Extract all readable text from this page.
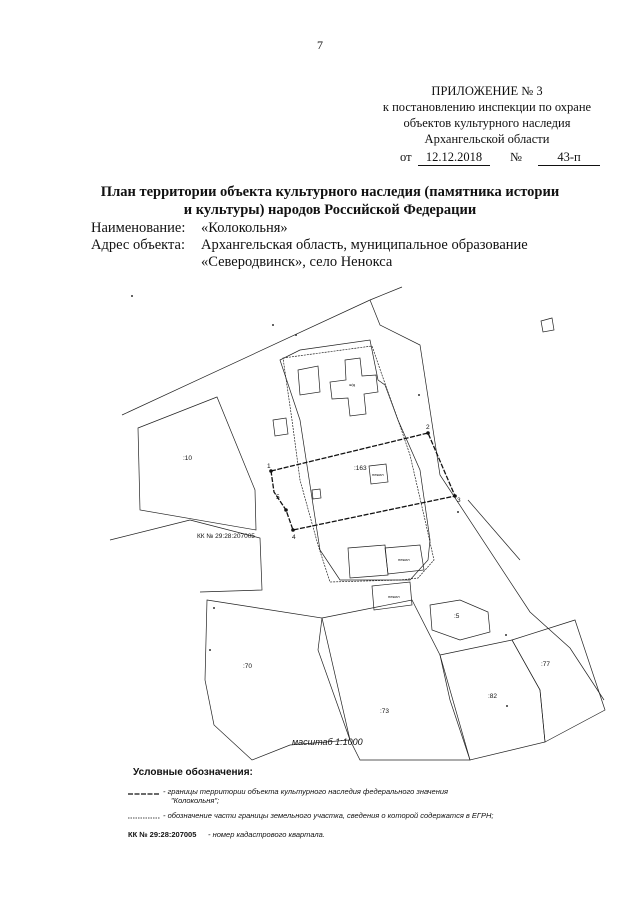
7
ПРИЛОЖЕНИЕ № 3
к постановлению инспекции по охране
объектов культурного наследия
Архангельской области
от	12.12.2018	№	43-п
План территории объекта культурного наследия (памятника истории
и культуры) народов Российской Федерации
Наименование: «Колокольня»
Адрес объекта: Архангельская область, муниципальное образование
«Северодвинск», село Ненокса
1
2
3
4
5
:10
:163
:70
:73
:82
:77
:5
КК № 29:28:207005
ж/д
нежил
нежил
нежил
масштаб 1:1000
Условные обозначения:
- границы территории объекта культурного наследия федерального значения
"Колокольня";
- обозначение части границы земельного участка, сведения о которой содержатся в ЕГРН;
КК № 29:28:207005 - номер кадастрового квартала.
